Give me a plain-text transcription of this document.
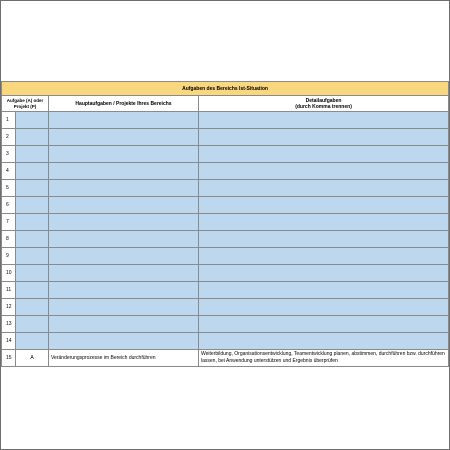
Aufgaben des Bereichs Ist-Situation			
Aufgabe (A) oder Projekt (P)		Hauptaufgaben / Projekte Ihres Bereichs	Detailaufgaben
(durch Komma trennen)

1			
2			
3			
4			
5			
6			
7			
8			
9			
10			
11			
12			
13			
14			
15	A	Veränderungsprozesse im Bereich durchführen	Weiterbildung, Organisationsentwicklung, Teamentwicklung planen, abstimmen, durchführen bzw. durchführen lassen, bei Anwendung unterstützen und Ergebnis überprüfen
